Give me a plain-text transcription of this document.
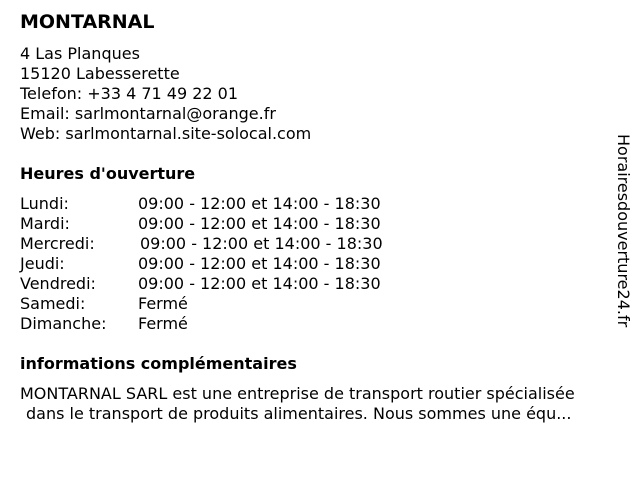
MONTARNAL
4 Las Planques
15120 Labesserette
Telefon: +33 4 71 49 22 01
Email: sarlmontarnal@orange.fr
Web: sarlmontarnal.site-solocal.com
Heures d'ouverture
Lundi:	09:00 - 12:00 et 14:00 - 18:30
Mardi:	09:00 - 12:00 et 14:00 - 18:30
Mercredi:	09:00 - 12:00 et 14:00 - 18:30
Jeudi:	09:00 - 12:00 et 14:00 - 18:30
Vendredi:	09:00 - 12:00 et 14:00 - 18:30
Samedi:	Fermé
Dimanche: Fermé
informations complémentaires
MONTARNAL SARL est une entreprise de transport routier spécialisée
dans le transport de produits alimentaires. Nous sommes une équ...
Horairesdouverture24.fr
